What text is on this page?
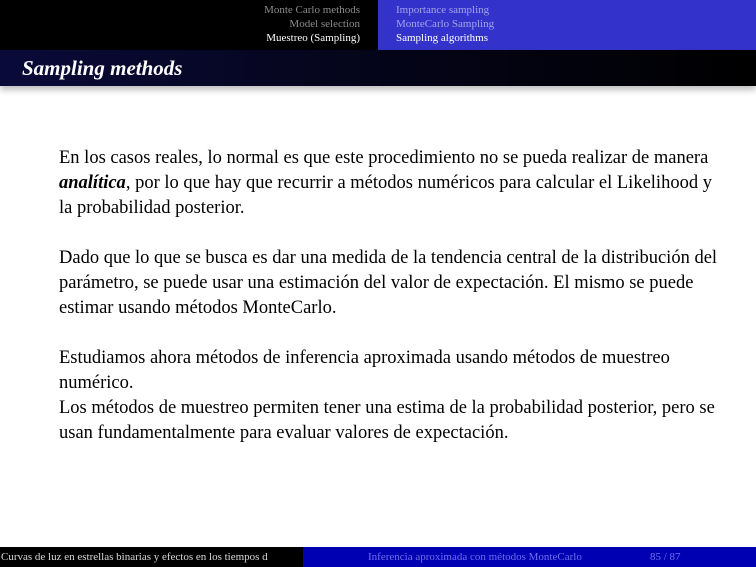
Monte Carlo methods
Model selection
Muestreo (Sampling)
Importance sampling
MonteCarlo Sampling
Sampling algorithms
Sampling methods

En los casos reales, lo normal es que este procedimiento no se pueda realizar de manera analítica, por lo que hay que recurrir a métodos numéricos para calcular el Likelihood y la probabilidad posterior.

Dado que lo que se busca es dar una medida de la tendencia central de la distribución del parámetro, se puede usar una estimación del valor de expectación. El mismo se puede estimar usando métodos MonteCarlo.

Estudiamos ahora métodos de inferencia aproximada usando métodos de muestreo numérico.

Los métodos de muestreo permiten tener una estima de la probabilidad posterior, pero se usan fundamentalmente para evaluar valores de expectación.

Curvas de luz en estrellas binarias y efectos en los tiempos d	Inferencia aproximada con métodos MonteCarlo	85 / 87
